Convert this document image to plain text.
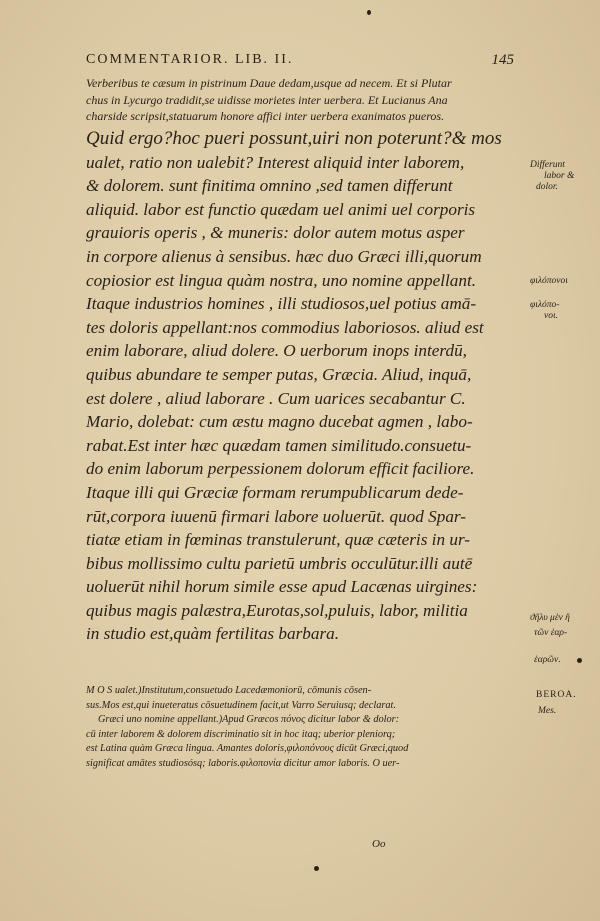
COMMENTARIOR. LIB. II.	145
Verberibus te cæsum in pistrinum Daue dedam,usque ad necem. Et si Plutar
chus in Lycurgo tradidit,se uidisse morietes inter uerbera. Et Lucianus Ana
charside scripsit,statuarum honore affici inter uerbera exanimatos pueros.
Quid ergo?hoc pueri possunt,uiri non poterunt?& mos
ualet, ratio non ualebit? Interest aliquid inter laborem,
& dolorem. sunt finitima omnino ,sed tamen differunt
aliquid. labor est functio quædam uel animi uel corporis
grauioris operis , & muneris: dolor autem motus asper
in corpore alienus à sensibus. hæc duo Græci illi,quorum
copiosior est lingua quàm nostra, uno nomine appellant.
Itaque industrios homines , illi studiosos,uel potius amā-
tes doloris appellant:nos commodius laboriosos. aliud est
enim laborare, aliud dolere. O uerborum inops interdū,
quibus abundare te semper putas, Græcia. Aliud, inquā,
est dolere , aliud laborare . Cum uarices secabantur C.
Mario, dolebat: cum æstu magno ducebat agmen , labo-
rabat.Est inter hæc quædam tamen similitudo.consuetu-
do enim laborum perpessionem dolorum efficit faciliore.
Itaque illi qui Græciæ formam rerumpublicarum dede-
rūt,corpora iuuenū firmari labore uoluerūt. quod Spar-
tiatæ etiam in fœminas transtulerunt, quæ cæteris in ur-
bibus mollissimo cultu parietū umbris occulūtur.illi autē
uoluerūt nihil horum simile esse apud Lacænas uirgines:
quibus magis palæstra,Eurotas,sol,puluis, labor, militia
in studio est,quàm fertilitas barbara.
Differunt
labor &
dolor.
φιλόπονοι
φιλόπο-
νοι.
ϑῆλυ μὲν ἤ
τῶν ἑαρ-
ἑαρῶν.
M O S ualet.)Institutum,consuetudo Lacedæmoniorū, cōmunis cōsen-
sus.Mos est,qui inueteratus cōsuetudinem facit,ut Varro Seruiusq; declarat.
Græci uno nomine appellant.)Apud Græcos πόνος dicitur labor & dolor:
cū inter laborem & dolorem discriminatio sit in hoc itaq; uberior pleniorq;
est Latina quàm Græca lingua. Amantes doloris,φιλοπόνους dicūt Græci,quod
significat amātes studiosósq; laboris.φιλοπονία dicitur amor laboris. O uer-
BEROA.
Mes.
Oo
